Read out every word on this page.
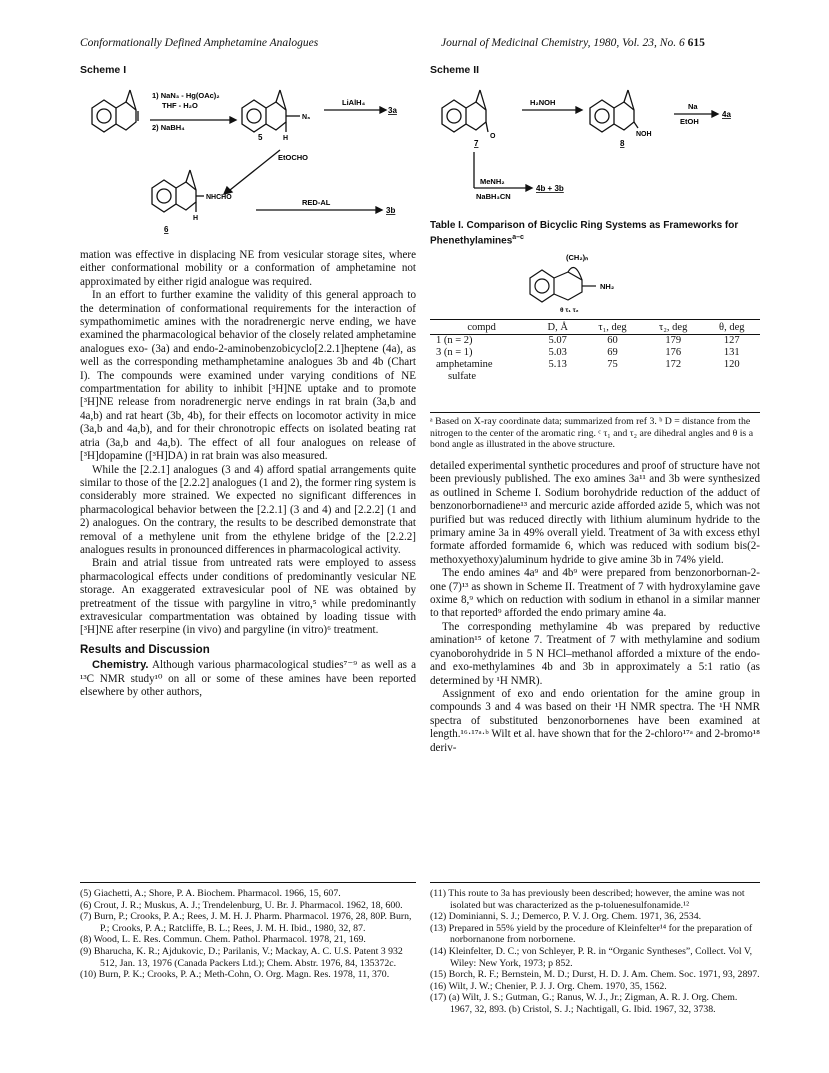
Conformationally Defined Amphetamine Analogues	Journal of Medicinal Chemistry, 1980, Vol. 23, No. 6 615
Scheme I
1) NaN₃ - Hg(OAc)₂
THF - H₂O
2) NaBH₄
N₃
5	H
LiAlH₄
3a
EtOCHO
NHCHO
H
6
RED-AL
3b
Scheme II
O
7
H₂NOH
NOH
8
Na
EtOH
4a
MeNH₂
NaBH₃CN
4b + 3b
Table I. Comparison of Bicyclic Ring Systems as Frameworks for Phenethylamines$^{a-c}$
(CH₂)ₙ
NH₂
θ τ₁ τ₂
compd	D, Å	τ₁, deg	τ₂, deg	θ, deg
1 (n = 2)	5.07	60	179	127
3 (n = 1)	5.03	69	176	131
amphetamine	5.13	75	172	120
sulfate				
ᵃ Based on X-ray coordinate data; summarized from ref 3. ᵇ D = distance from the nitrogen to the center of the aromatic ring. ᶜ τ₁ and τ₂ are dihedral angles and θ is a bond angle as illustrated in the above structure.

mation was effective in displacing NE from vesicular storage sites, where either conformational mobility or a conformation of amphetamine not approximated by either rigid analogue was required.

In an effort to further examine the validity of this general approach to the determination of conformational requirements for the interaction of sympathomimetic amines with the noradrenergic nerve ending, we have examined the pharmacological behavior of the closely related amphetamine analogues exo- (3a) and endo-2-aminobenzobicyclo[2.2.1]heptene (4a), as well as the corresponding methamphetamine analogues 3b and 4b (Chart I). The compounds were examined under varying conditions of NE compartmentation for ability to inhibit [³H]NE uptake and to promote [³H]NE release from noradrenergic nerve endings in rat brain (3a,b and 4a,b) and rat heart (3b, 4b), for their effects on locomotor activity in mice (3a,b and 4a,b), and for their chronotropic effects on isolated beating rat atria (3a,b and 4a,b). The effect of all four analogues on release of [³H]dopamine ([³H]DA) in rat brain was also measured.

While the [2.2.1] analogues (3 and 4) afford spatial arrangements quite similar to those of the [2.2.2] analogues (1 and 2), the former ring system is considerably more strained. We expected no significant differences in pharmacological behavior between the [2.2.1] (3 and 4) and [2.2.2] (1 and 2) analogues. On the contrary, the results to be described demonstrate that removal of a methylene unit from the ethylene bridge of the [2.2.2] analogues results in pronounced differences in pharmacological activity.

Brain and atrial tissue from untreated rats were employed to assess pharmacological effects under conditions of predominantly vesicular NE storage. An exaggerated extravesicular pool of NE was obtained by pretreatment of the tissue with pargyline in vitro,⁵ while predominantly extravesicular compartmentation was obtained by loading tissue with [³H]NE after reserpine (in vivo) and pargyline (in vitro)⁶ treatment.

Results and Discussion

Chemistry. Although various pharmacological studies⁷⁻⁹ as well as a ¹³C NMR study¹⁰ on all or some of these amines have been reported elsewhere by other authors,

detailed experimental synthetic procedures and proof of structure have not been previously published. The exo amines 3a¹¹ and 3b were synthesized as outlined in Scheme I. Sodium borohydride reduction of the adduct of benzonorbornadiene¹³ and mercuric azide afforded azide 5, which was not purified but was reduced directly with lithium aluminum hydride to the primary amine 3a in 49% overall yield. Treatment of 3a with excess ethyl formate afforded formamide 6, which was reduced with sodium bis(2-methoxyethoxy)aluminum hydride to give amine 3b in 74% yield.

The endo amines 4a⁹ and 4b⁹ were prepared from benzonorbornan-2-one (7)¹³ as shown in Scheme II. Treatment of 7 with hydroxylamine gave oxime 8,⁹ which on reduction with sodium in ethanol in a similar manner to that reported⁹ afforded the endo primary amine 4a.

The corresponding methylamine 4b was prepared by reductive amination¹⁵ of ketone 7. Treatment of 7 with methylamine and sodium cyanoborohydride in 5 N HCl–methanol afforded a mixture of the endo- and exo-methylamines 4b and 3b in approximately a 5:1 ratio (as determined by ¹H NMR).

Assignment of exo and endo orientation for the amine group in compounds 3 and 4 was based on their ¹H NMR spectra. The ¹H NMR spectra of substituted benzonorbornenes have been examined at length.¹⁶·¹⁷ᵃ·ᵇ Wilt et al. have shown that for the 2-chloro¹⁷ᵃ and 2-bromo¹⁸ deriv-

(5) Giachetti, A.; Shore, P. A. Biochem. Pharmacol. 1966, 15, 607.

(6) Crout, J. R.; Muskus, A. J.; Trendelenburg, U. Br. J. Pharmacol. 1962, 18, 600.

(7) Burn, P.; Crooks, P. A.; Rees, J. M. H. J. Pharm. Pharmacol. 1976, 28, 80P. Burn, P.; Crooks, P. A.; Ratcliffe, B. L.; Rees, J. M. H. Ibid., 1980, 32, 87.

(8) Wood, L. E. Res. Commun. Chem. Pathol. Pharmacol. 1978, 21, 169.

(9) Bharucha, K. R.; Ajdukovic, D.; Parilanis, V.; Mackay, A. C. U.S. Patent 3 932 512, Jan. 13, 1976 (Canada Packers Ltd.); Chem. Abstr. 1976, 84, 135372c.

(10) Burn, P. K.; Crooks, P. A.; Meth-Cohn, O. Org. Magn. Res. 1978, 11, 370.

(11) This route to 3a has previously been described; however, the amine was not isolated but was characterized as the p-toluenesulfonamide.¹²

(12) Dominianni, S. J.; Demerco, P. V. J. Org. Chem. 1971, 36, 2534.

(13) Prepared in 55% yield by the procedure of Kleinfelter¹⁴ for the preparation of norbornanone from norbornene.

(14) Kleinfelter, D. C.; von Schleyer, P. R. in “Organic Syntheses”, Collect. Vol V, Wiley: New York, 1973; p 852.

(15) Borch, R. F.; Bernstein, M. D.; Durst, H. D. J. Am. Chem. Soc. 1971, 93, 2897.

(16) Wilt, J. W.; Chenier, P. J. J. Org. Chem. 1970, 35, 1562.

(17) (a) Wilt, J. S.; Gutman, G.; Ranus, W. J., Jr.; Zigman, A. R. J. Org. Chem. 1967, 32, 893. (b) Cristol, S. J.; Nachtigall, G. Ibid. 1967, 32, 3738.
